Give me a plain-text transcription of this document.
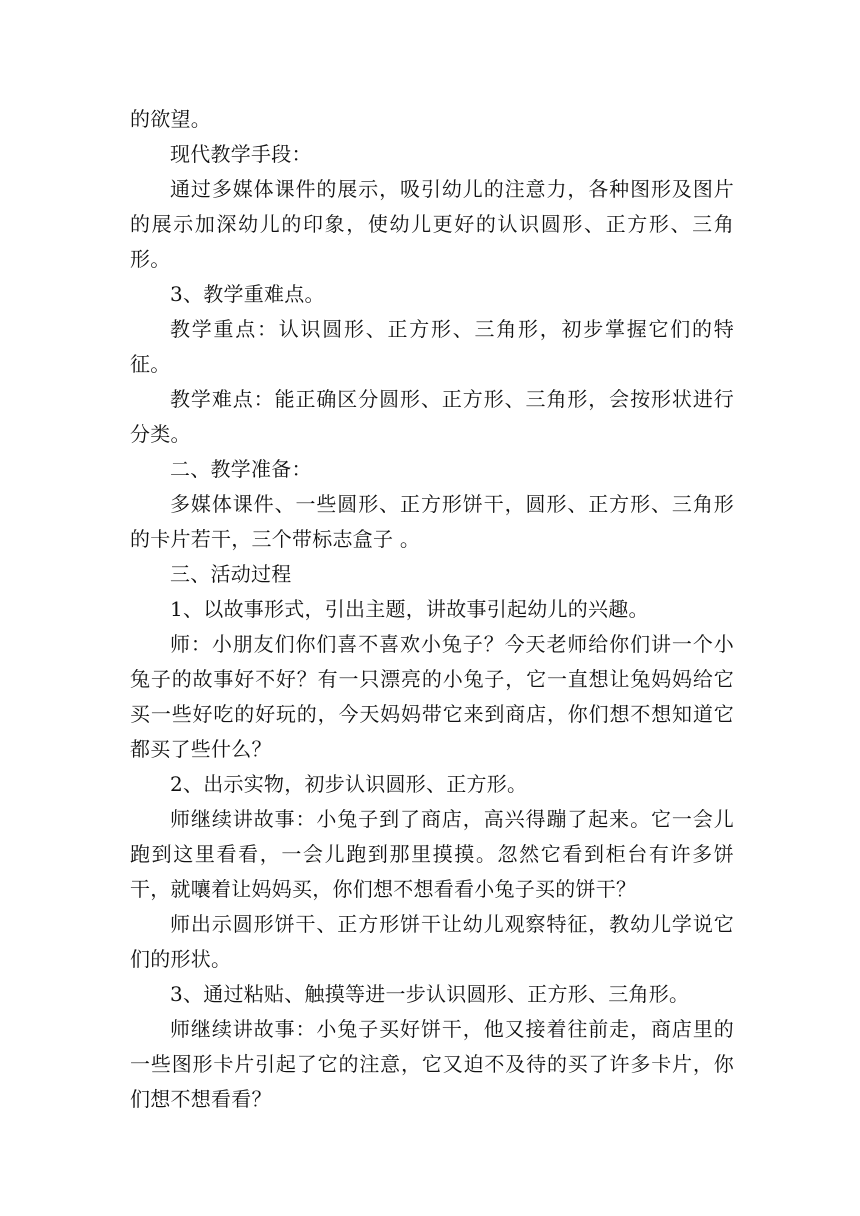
的欲望。

现代教学手段：

通过多媒体课件的展示，吸引幼儿的注意力，各种图形及图片的展示加深幼儿的印象，使幼儿更好的认识圆形、正方形、三角形。

3、教学重难点。

教学重点：认识圆形、正方形、三角形，初步掌握它们的特征。

教学难点：能正确区分圆形、正方形、三角形，会按形状进行分类。

二、教学准备：

多媒体课件、一些圆形、正方形饼干，圆形、正方形、三角形的卡片若干，三个带标志盒子 。

三、活动过程

1、以故事形式，引出主题，讲故事引起幼儿的兴趣。

师：小朋友们你们喜不喜欢小兔子？今天老师给你们讲一个小兔子的故事好不好？有一只漂亮的小兔子，它一直想让兔妈妈给它买一些好吃的好玩的，今天妈妈带它来到商店，你们想不想知道它都买了些什么？

2、出示实物，初步认识圆形、正方形。

师继续讲故事：小兔子到了商店，高兴得蹦了起来。它一会儿跑到这里看看，一会儿跑到那里摸摸。忽然它看到柜台有许多饼干，就嚷着让妈妈买，你们想不想看看小兔子买的饼干？

师出示圆形饼干、正方形饼干让幼儿观察特征，教幼儿学说它们的形状。

3、通过粘贴、触摸等进一步认识圆形、正方形、三角形。

师继续讲故事：小兔子买好饼干，他又接着往前走，商店里的一些图形卡片引起了它的注意，它又迫不及待的买了许多卡片，你们想不想看看？
